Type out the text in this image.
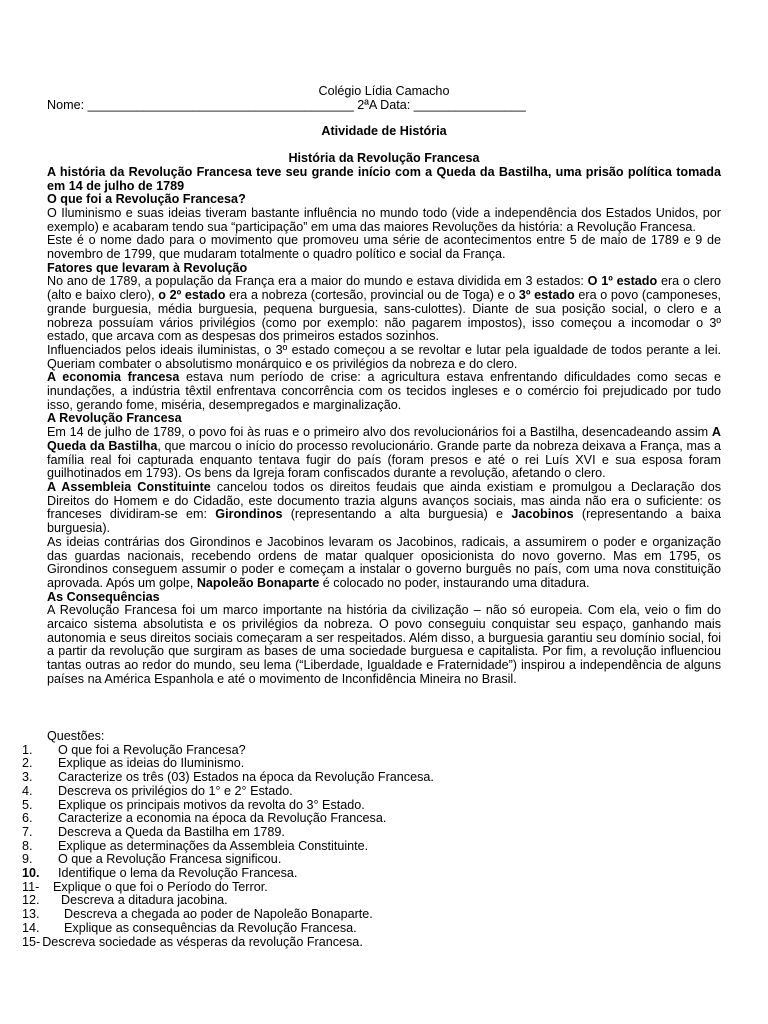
Colégio Lídia Camacho
Nome: ______________________________________ 2ªA Data: ________________
Atividade de História
História da Revolução Francesa
A história da Revolução Francesa teve seu grande início com a Queda da Bastilha, uma prisão política tomada em 14 de julho de 1789
O que foi a Revolução Francesa?
O Iluminismo e suas ideias tiveram bastante influência no mundo todo (vide a independência dos Estados Unidos, por exemplo) e acabaram tendo sua “participação” em uma das maiores Revoluções da história: a Revolução Francesa.
Este é o nome dado para o movimento que promoveu uma série de acontecimentos entre 5 de maio de 1789 e 9 de novembro de 1799, que mudaram totalmente o quadro político e social da França.
Fatores que levaram à Revolução
No ano de 1789, a população da França era a maior do mundo e estava dividida em 3 estados: O 1º estado era o clero (alto e baixo clero), o 2º estado era a nobreza (cortesão, provincial ou de Toga) e o 3º estado era o povo (camponeses, grande burguesia, média burguesia, pequena burguesia, sans-culottes). Diante de sua posição social, o clero e a nobreza possuíam vários privilégios (como por exemplo: não pagarem impostos), isso começou a incomodar o 3º estado, que arcava com as despesas dos primeiros estados sozinhos.
Influenciados pelos ideais iluministas, o 3º estado começou a se revoltar e lutar pela igualdade de todos perante a lei. Queriam combater o absolutismo monárquico e os privilégios da nobreza e do clero.
A economia francesa estava num período de crise: a agricultura estava enfrentando dificuldades como secas e inundações, a indústria têxtil enfrentava concorrência com os tecidos ingleses e o comércio foi prejudicado por tudo isso, gerando fome, miséria, desempregados e marginalização.
A Revolução Francesa
Em 14 de julho de 1789, o povo foi às ruas e o primeiro alvo dos revolucionários foi a Bastilha, desencadeando assim A Queda da Bastilha, que marcou o início do processo revolucionário. Grande parte da nobreza deixava a França, mas a família real foi capturada enquanto tentava fugir do país (foram presos e até o rei Luís XVI e sua esposa foram guilhotinados em 1793). Os bens da Igreja foram confiscados durante a revolução, afetando o clero.
A Assembleia Constituinte cancelou todos os direitos feudais que ainda existiam e promulgou a Declaração dos Direitos do Homem e do Cidadão, este documento trazia alguns avanços sociais, mas ainda não era o suficiente: os franceses dividiram-se em: Girondinos (representando a alta burguesia) e Jacobinos (representando a baixa burguesia).
As ideias contrárias dos Girondinos e Jacobinos levaram os Jacobinos, radicais, a assumirem o poder e organização das guardas nacionais, recebendo ordens de matar qualquer oposicionista do novo governo. Mas em 1795, os Girondinos conseguem assumir o poder e começam a instalar o governo burguês no país, com uma nova constituição aprovada. Após um golpe, Napoleão Bonaparte é colocado no poder, instaurando uma ditadura.
As Consequências
A Revolução Francesa foi um marco importante na história da civilização – não só europeia. Com ela, veio o fim do arcaico sistema absolutista e os privilégios da nobreza. O povo conseguiu conquistar seu espaço, ganhando mais autonomia e seus direitos sociais começaram a ser respeitados. Além disso, a burguesia garantiu seu domínio social, foi a partir da revolução que surgiram as bases de uma sociedade burguesa e capitalista. Por fim, a revolução influenciou tantas outras ao redor do mundo, seu lema (“Liberdade, Igualdade e Fraternidade”) inspirou a independência de alguns países na América Espanhola e até o movimento de Inconfidência Mineira no Brasil.
Questões:
1. O que foi a Revolução Francesa?
2. Explique as ideias do Iluminismo.
3. Caracterize os três (03) Estados na época da Revolução Francesa.
4. Descreva os privilégios do 1° e 2° Estado.
5. Explique os principais motivos da revolta do 3° Estado.
6. Caracterize a economia na época da Revolução Francesa.
7. Descreva a Queda da Bastilha em 1789.
8. Explique as determinações da Assembleia Constituinte.
9. O que a Revolução Francesa significou.
10. Identifique o lema da Revolução Francesa.
11- Explique o que foi o Período do Terror.
12. Descreva a ditadura jacobina.
13. Descreva a chegada ao poder de Napoleão Bonaparte.
14. Explique as consequências da Revolução Francesa.
15- Descreva sociedade as vésperas da revolução Francesa.
